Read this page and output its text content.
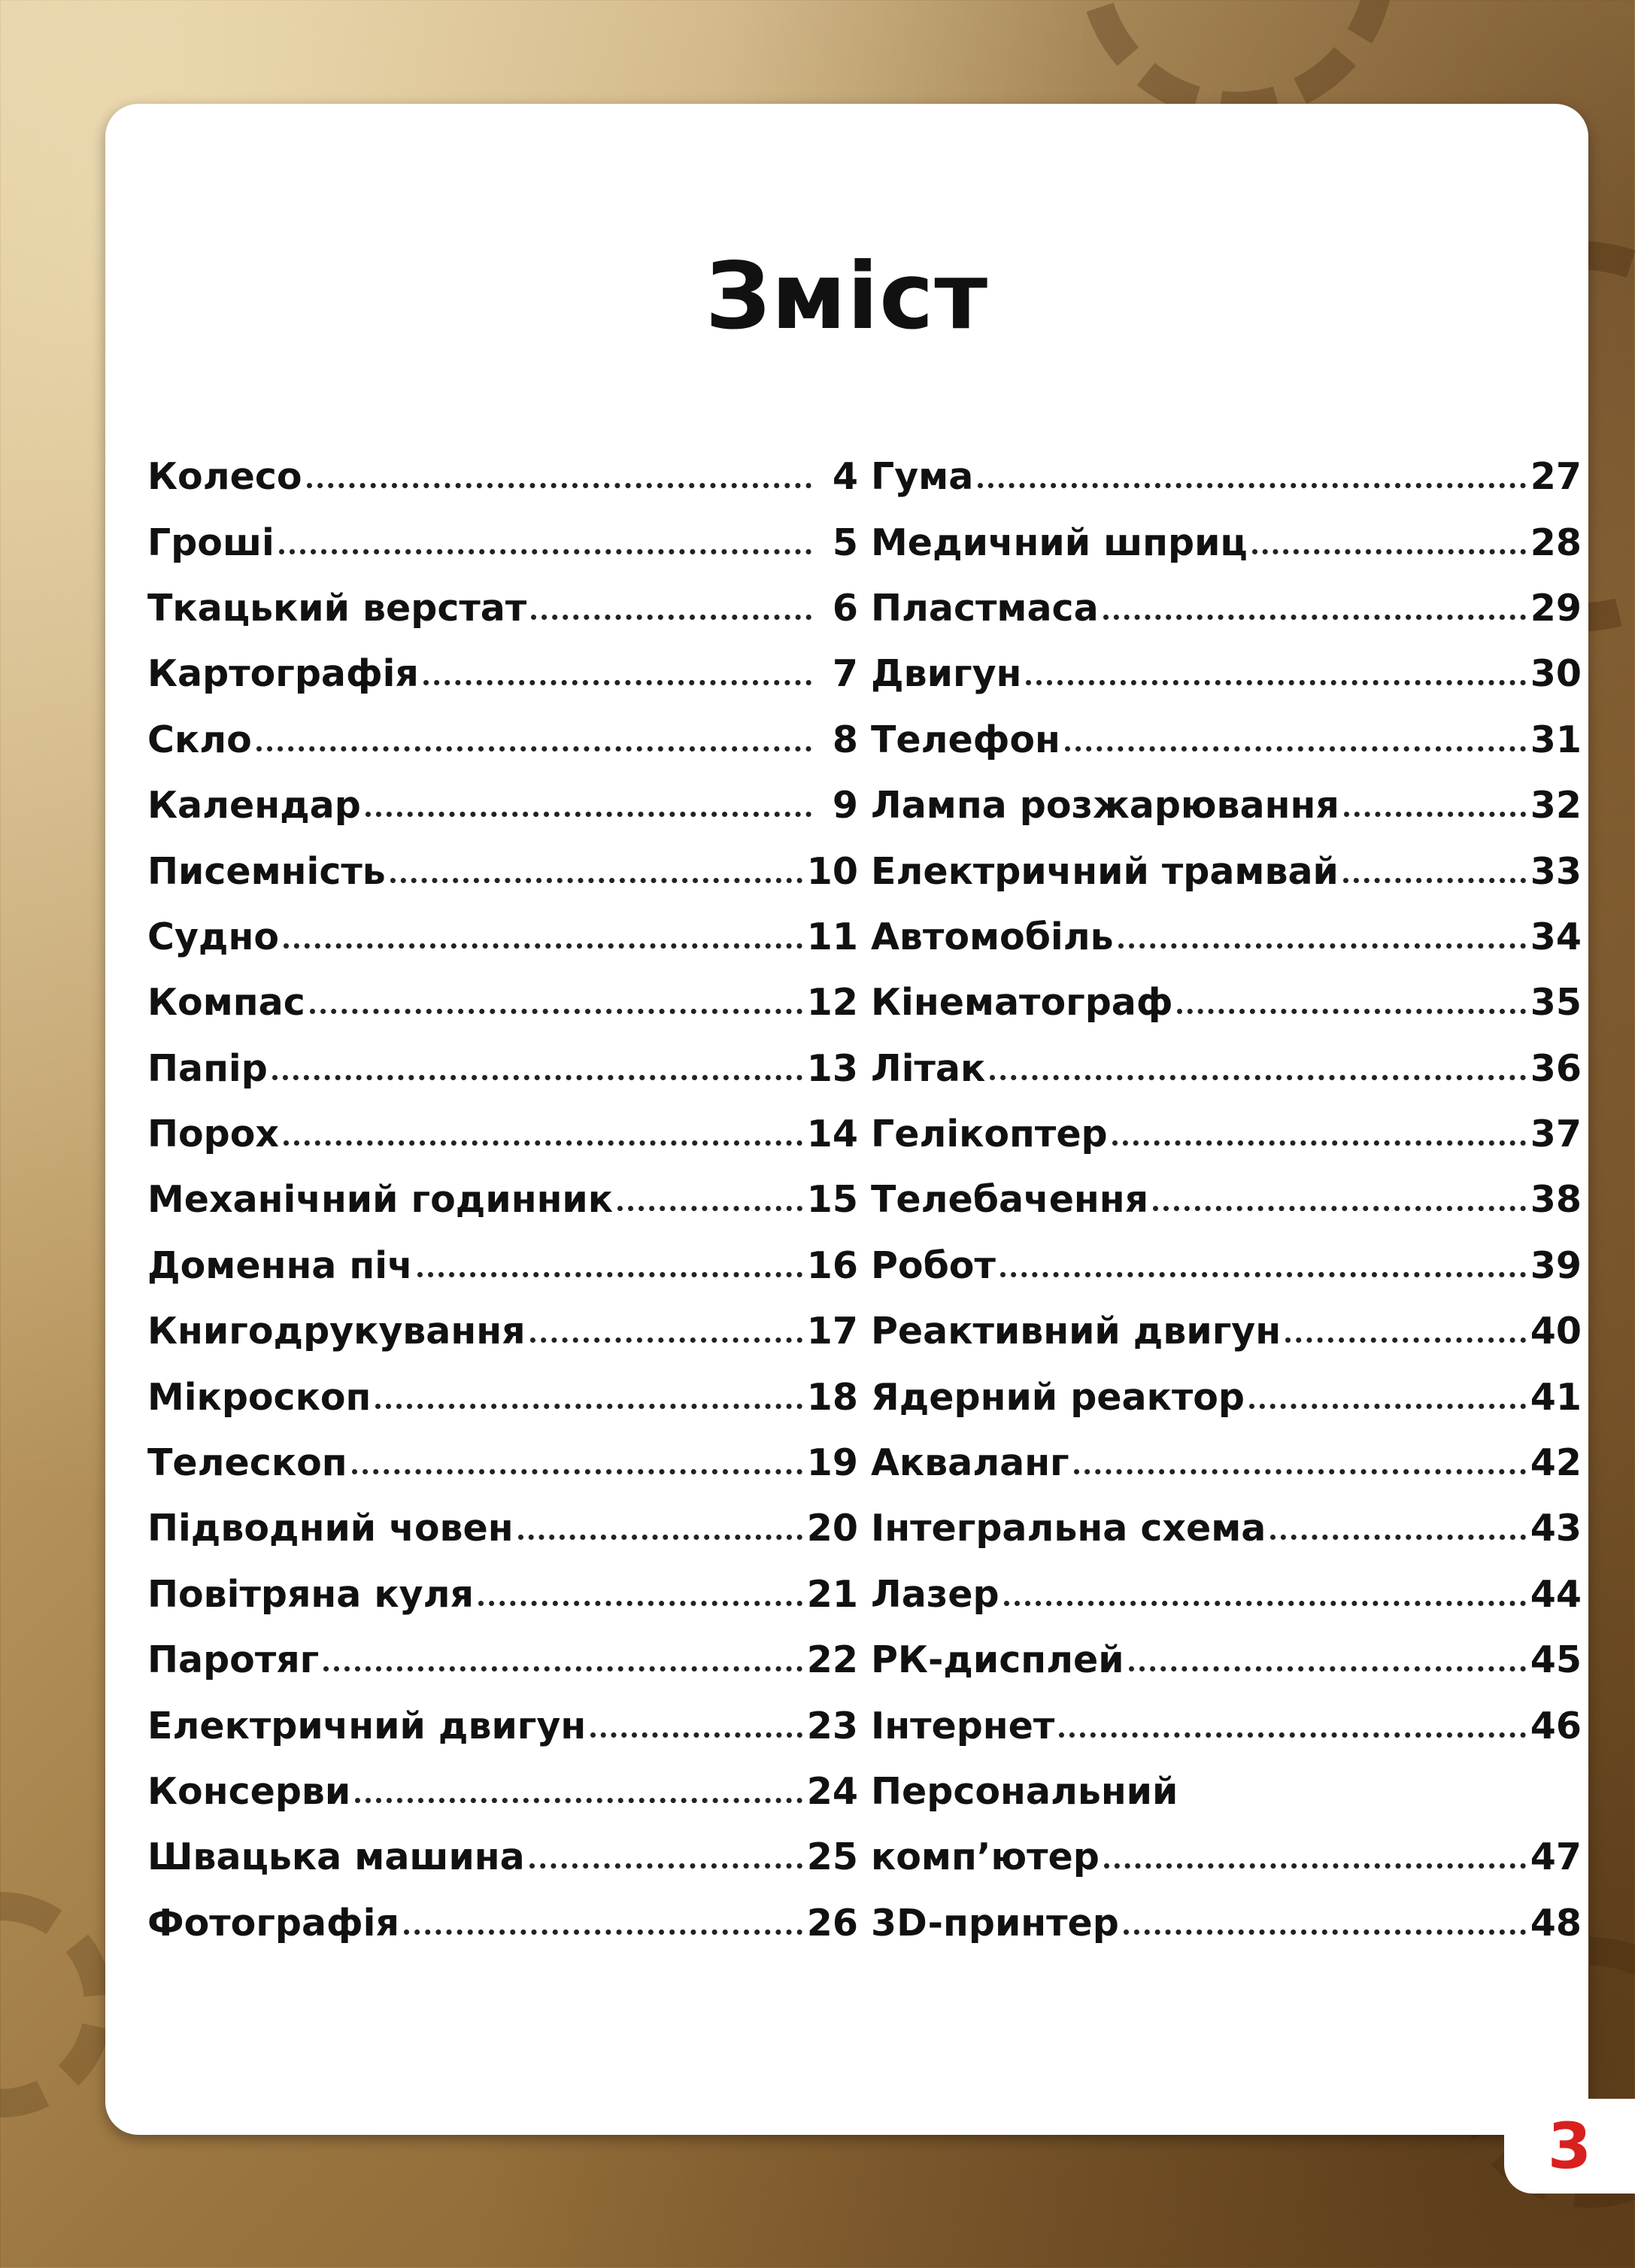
Зміст
Колесо	4
Гроші	5
Ткацький верстат	6
Картографія	7
Скло	8
Календар	9
Писемність	10
Судно	11
Компас	12
Папір	13
Порох	14
Механічний годинник	15
Доменна піч	16
Книгодрукування	17
Мікроскоп	18
Телескоп	19
Підводний човен	20
Повітряна куля	21
Паротяг	22
Електричний двигун	23
Консерви	24
Швацька машина	25
Фотографія	26
Гума	27
Медичний шприц	28
Пластмаса	29
Двигун	30
Телефон	31
Лампа розжарювання	32
Електричний трамвай	33
Автомобіль	34
Кінематограф	35
Літак	36
Гелікоптер	37
Телебачення	38
Робот	39
Реактивний двигун	40
Ядерний реактор	41
Акваланг	42
Інтегральна схема	43
Лазер	44
РК-дисплей	45
Інтернет	46
Персональний
комп’ютер	47
3D-принтер	48
3
